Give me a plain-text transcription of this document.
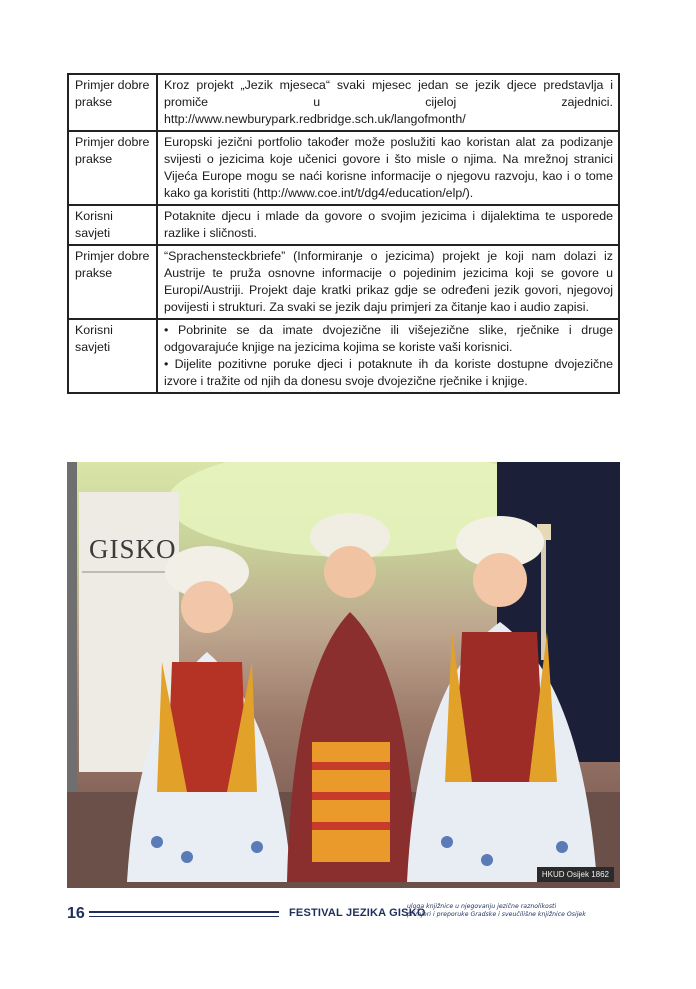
Primjer dobre prakse	Kroz projekt „Jezik mjeseca“ svaki mjesec jedan se jezik djece predstavlja i promiče u cijeloj zajednici. http://www.newburypark.redbridge.sch.uk/langofmonth/
Primjer dobre prakse	Europski jezični portfolio također može poslužiti kao koristan alat za podizanje svijesti o jezicima koje učenici govore i što misle o njima. Na mrežnoj stranici Vijeća Europe mogu se naći korisne informacije o njegovu razvoju, kao i o tome kako ga koristiti (http://www.coe.int/t/dg4/education/elp/).
Korisni savjeti	Potaknite djecu i mlade da govore o svojim jezicima i dijalektima te usporede razlike i sličnosti.
Primjer dobre prakse	“Sprachensteckbriefe” (Informiranje o jezicima) projekt je koji nam dolazi iz Austrije te pruža osnovne informacije o pojedinim jezicima koji se govore u Europi/Austriji. Projekt daje kratki prikaz gdje se određeni jezik govori, njegovoj povijesti i strukturi. Za svaki se jezik daju primjeri za čitanje kao i audio zapisi.
Korisni savjeti	• Pobrinite se da imate dvojezične ili višejezične slike, rječnike i druge odgovarajuće knjige na jezicima kojima se koriste vaši korisnici.
• Dijelite pozitivne poruke djeci i potaknute ih da koriste dostupne dvojezične izvore i tražite od njih da donesu svoje dvojezične rječnike i knjige.
GISKO
HKUD Osijek 1862
16	FESTIVAL JEZIKA GISKO
uloga knjižnice u njegovanju jezične raznolikosti
primjeri i preporuke Gradske i sveučilišne knjižnice Osijek
